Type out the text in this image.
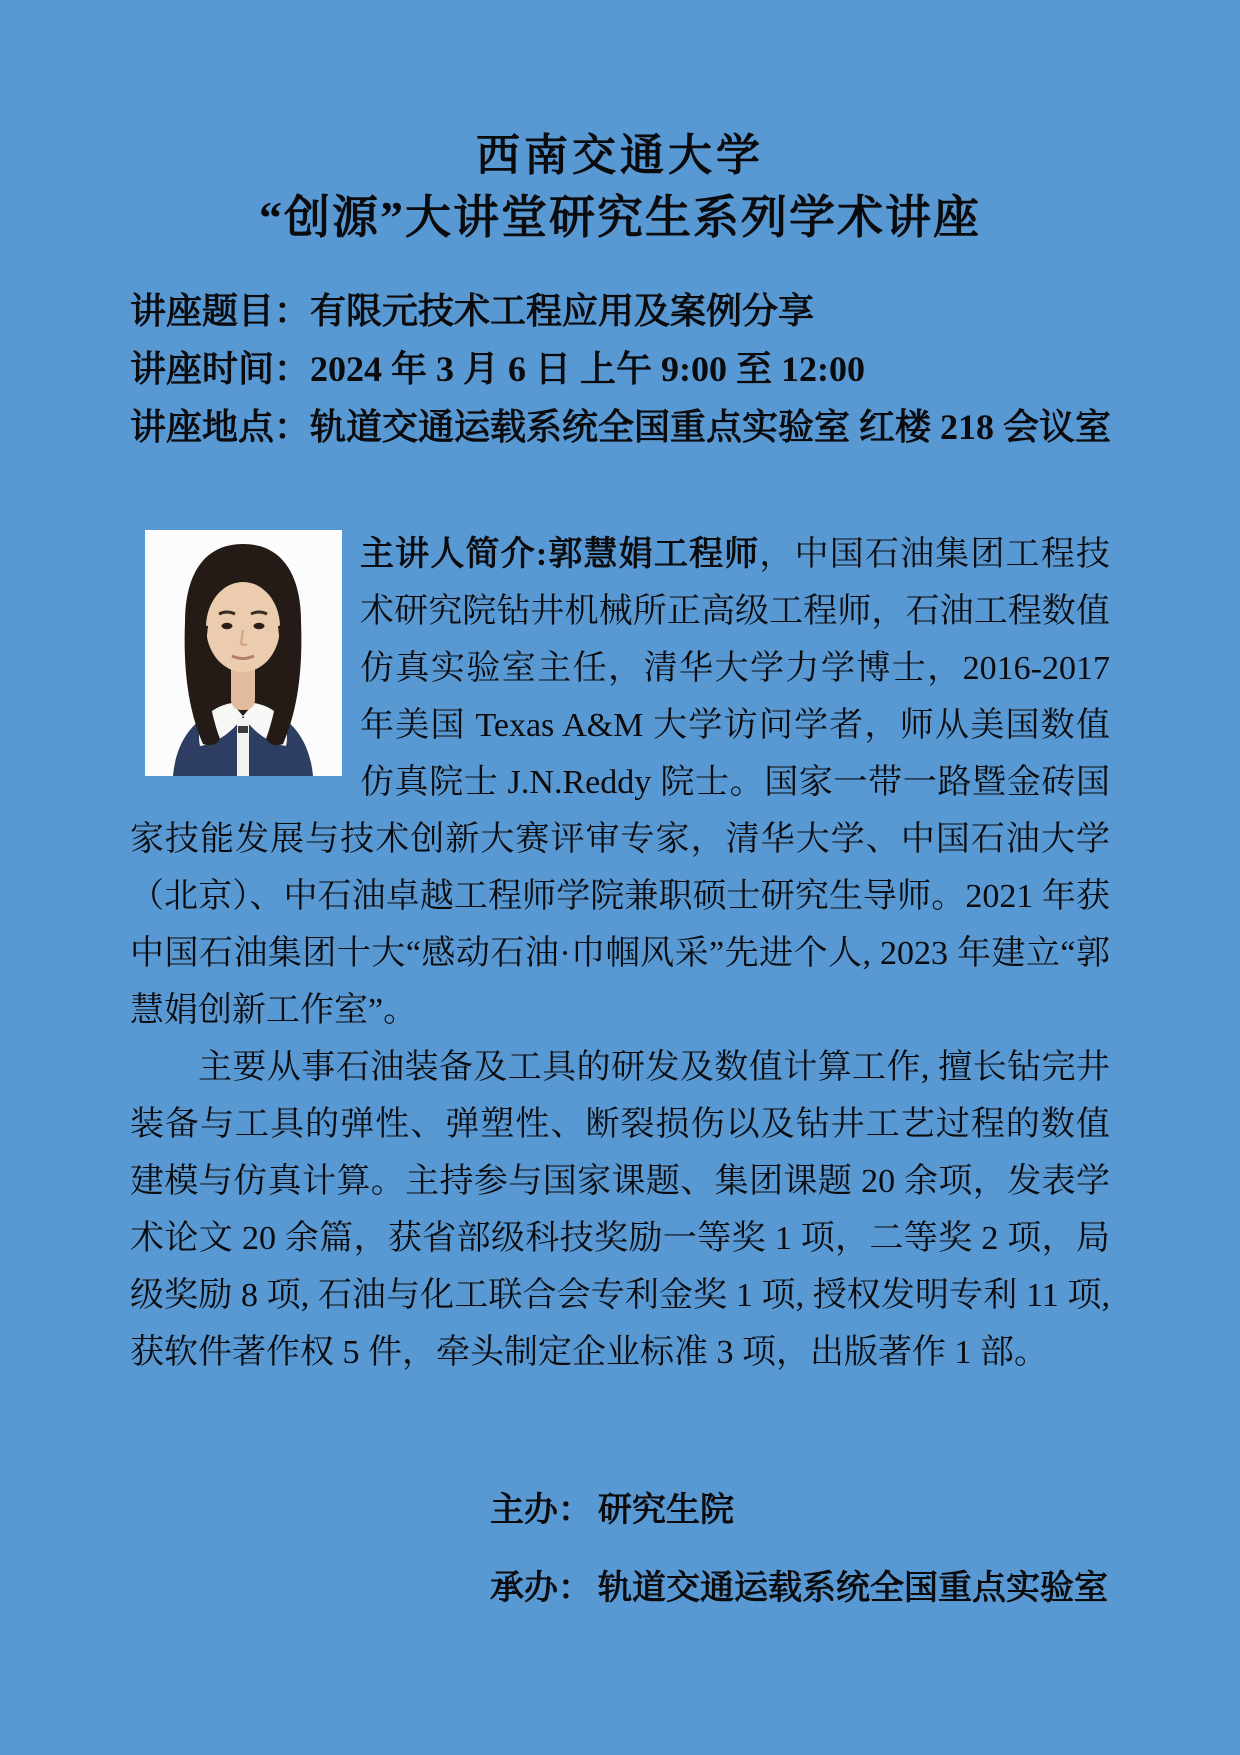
西南交通大学
“创源”大讲堂研究生系列学术讲座
讲座题目：有限元技术工程应用及案例分享
讲座时间：2024 年 3 月 6 日 上午 9:00 至 12:00
讲座地点：轨道交通运载系统全国重点实验室 红楼 218 会议室

主讲人简介:郭慧娟工程师，中国石油集团工程技术研究院钻井机械所正高级工程师，石油工程数值仿真实验室主任，清华大学力学博士，2016-2017 年美国 Texas A&M 大学访问学者，师从美国数值仿真院士 J.N.Reddy 院士。国家一带一路暨金砖国家技能发展与技术创新大赛评审专家，清华大学、中国石油大学（北京）、中石油卓越工程师学院兼职硕士研究生导师。2021 年获中国石油集团十大“感动石油·巾帼风采”先进个人, 2023 年建立“郭慧娟创新工作室”。

主要从事石油装备及工具的研发及数值计算工作, 擅长钻完井装备与工具的弹性、弹塑性、断裂损伤以及钻井工艺过程的数值建模与仿真计算。主持参与国家课题、集团课题 20 余项，发表学术论文 20 余篇，获省部级科技奖励一等奖 1 项，二等奖 2 项，局级奖励 8 项, 石油与化工联合会专利金奖 1 项, 授权发明专利 11 项, 获软件著作权 5 件，牵头制定企业标准 3 项，出版著作 1 部。

主办： 研究生院
承办： 轨道交通运载系统全国重点实验室
